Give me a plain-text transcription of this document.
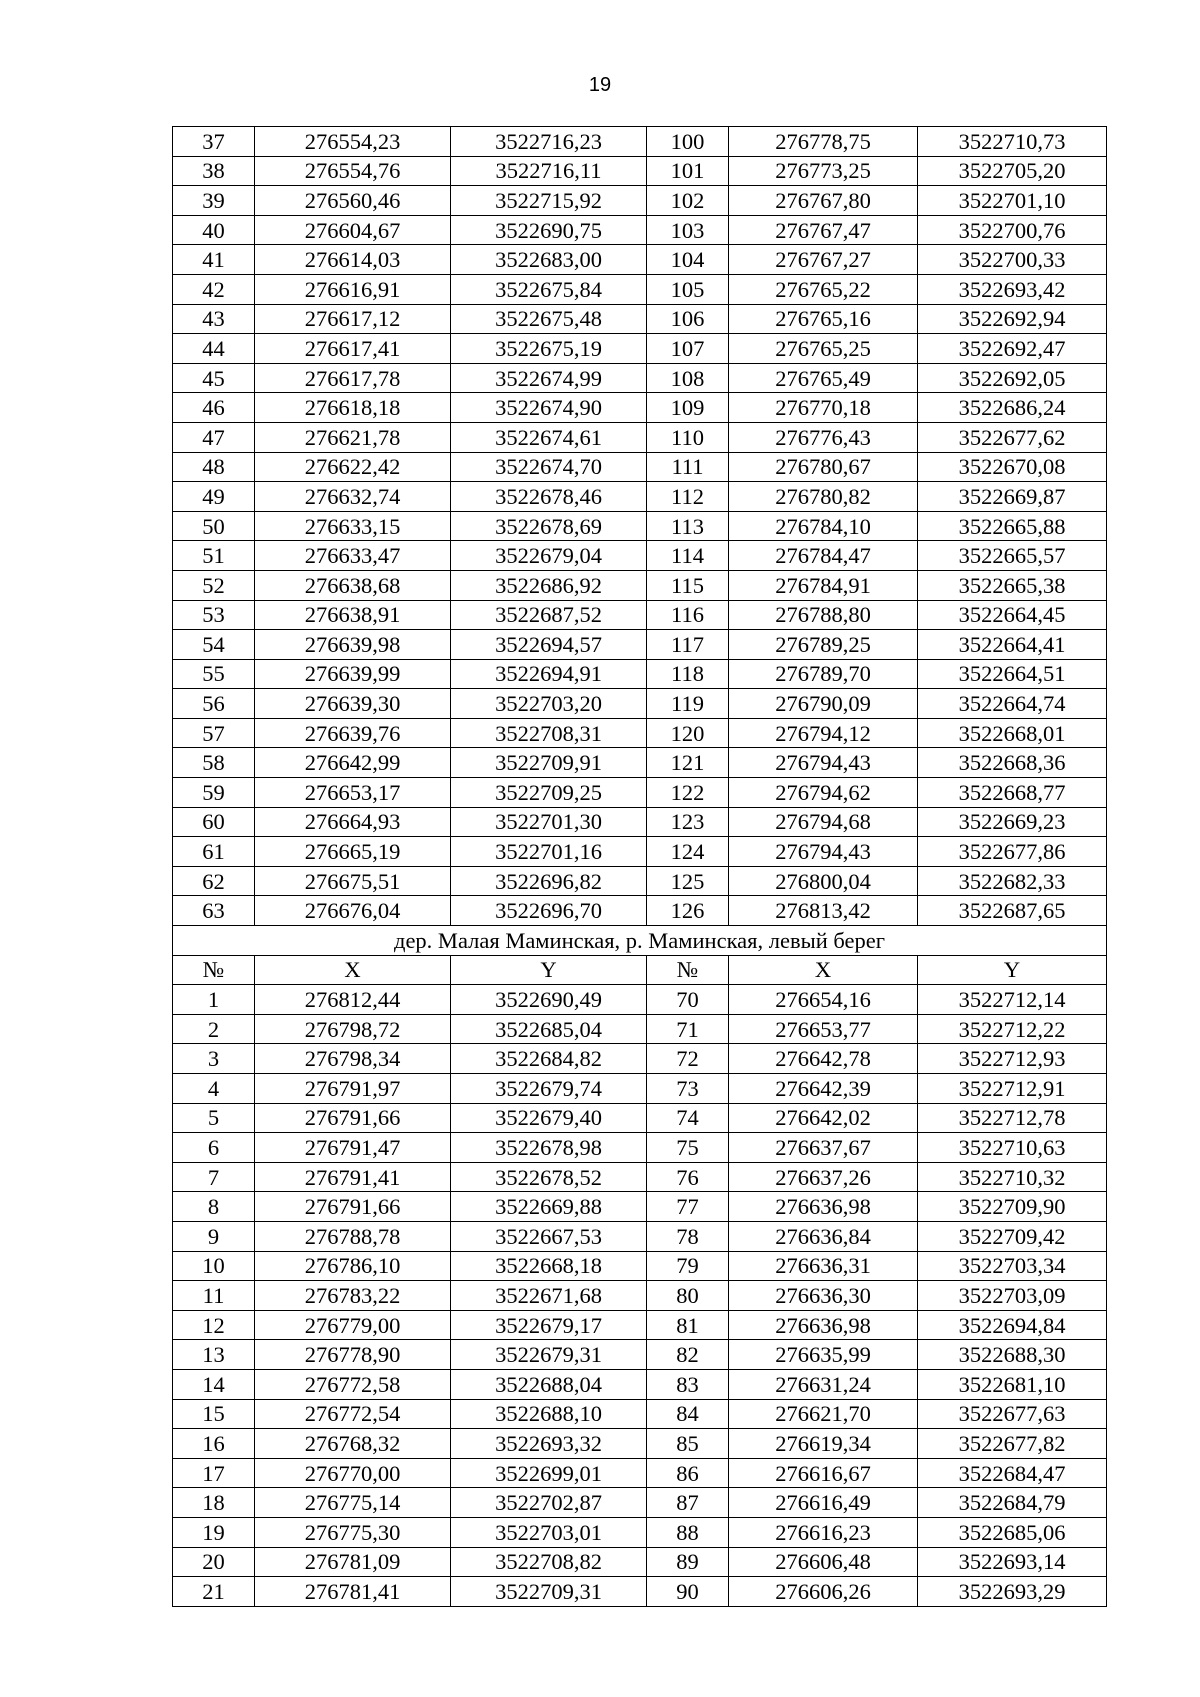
19
37	276554,23	3522716,23	100	276778,75	3522710,73
38	276554,76	3522716,11	101	276773,25	3522705,20
39	276560,46	3522715,92	102	276767,80	3522701,10
40	276604,67	3522690,75	103	276767,47	3522700,76
41	276614,03	3522683,00	104	276767,27	3522700,33
42	276616,91	3522675,84	105	276765,22	3522693,42
43	276617,12	3522675,48	106	276765,16	3522692,94
44	276617,41	3522675,19	107	276765,25	3522692,47
45	276617,78	3522674,99	108	276765,49	3522692,05
46	276618,18	3522674,90	109	276770,18	3522686,24
47	276621,78	3522674,61	110	276776,43	3522677,62
48	276622,42	3522674,70	111	276780,67	3522670,08
49	276632,74	3522678,46	112	276780,82	3522669,87
50	276633,15	3522678,69	113	276784,10	3522665,88
51	276633,47	3522679,04	114	276784,47	3522665,57
52	276638,68	3522686,92	115	276784,91	3522665,38
53	276638,91	3522687,52	116	276788,80	3522664,45
54	276639,98	3522694,57	117	276789,25	3522664,41
55	276639,99	3522694,91	118	276789,70	3522664,51
56	276639,30	3522703,20	119	276790,09	3522664,74
57	276639,76	3522708,31	120	276794,12	3522668,01
58	276642,99	3522709,91	121	276794,43	3522668,36
59	276653,17	3522709,25	122	276794,62	3522668,77
60	276664,93	3522701,30	123	276794,68	3522669,23
61	276665,19	3522701,16	124	276794,43	3522677,86
62	276675,51	3522696,82	125	276800,04	3522682,33
63	276676,04	3522696,70	126	276813,42	3522687,65
дер. Малая Маминская, р. Маминская, левый берег					
№	X	Y	№	X	Y
1	276812,44	3522690,49	70	276654,16	3522712,14
2	276798,72	3522685,04	71	276653,77	3522712,22
3	276798,34	3522684,82	72	276642,78	3522712,93
4	276791,97	3522679,74	73	276642,39	3522712,91
5	276791,66	3522679,40	74	276642,02	3522712,78
6	276791,47	3522678,98	75	276637,67	3522710,63
7	276791,41	3522678,52	76	276637,26	3522710,32
8	276791,66	3522669,88	77	276636,98	3522709,90
9	276788,78	3522667,53	78	276636,84	3522709,42
10	276786,10	3522668,18	79	276636,31	3522703,34
11	276783,22	3522671,68	80	276636,30	3522703,09
12	276779,00	3522679,17	81	276636,98	3522694,84
13	276778,90	3522679,31	82	276635,99	3522688,30
14	276772,58	3522688,04	83	276631,24	3522681,10
15	276772,54	3522688,10	84	276621,70	3522677,63
16	276768,32	3522693,32	85	276619,34	3522677,82
17	276770,00	3522699,01	86	276616,67	3522684,47
18	276775,14	3522702,87	87	276616,49	3522684,79
19	276775,30	3522703,01	88	276616,23	3522685,06
20	276781,09	3522708,82	89	276606,48	3522693,14
21	276781,41	3522709,31	90	276606,26	3522693,29
